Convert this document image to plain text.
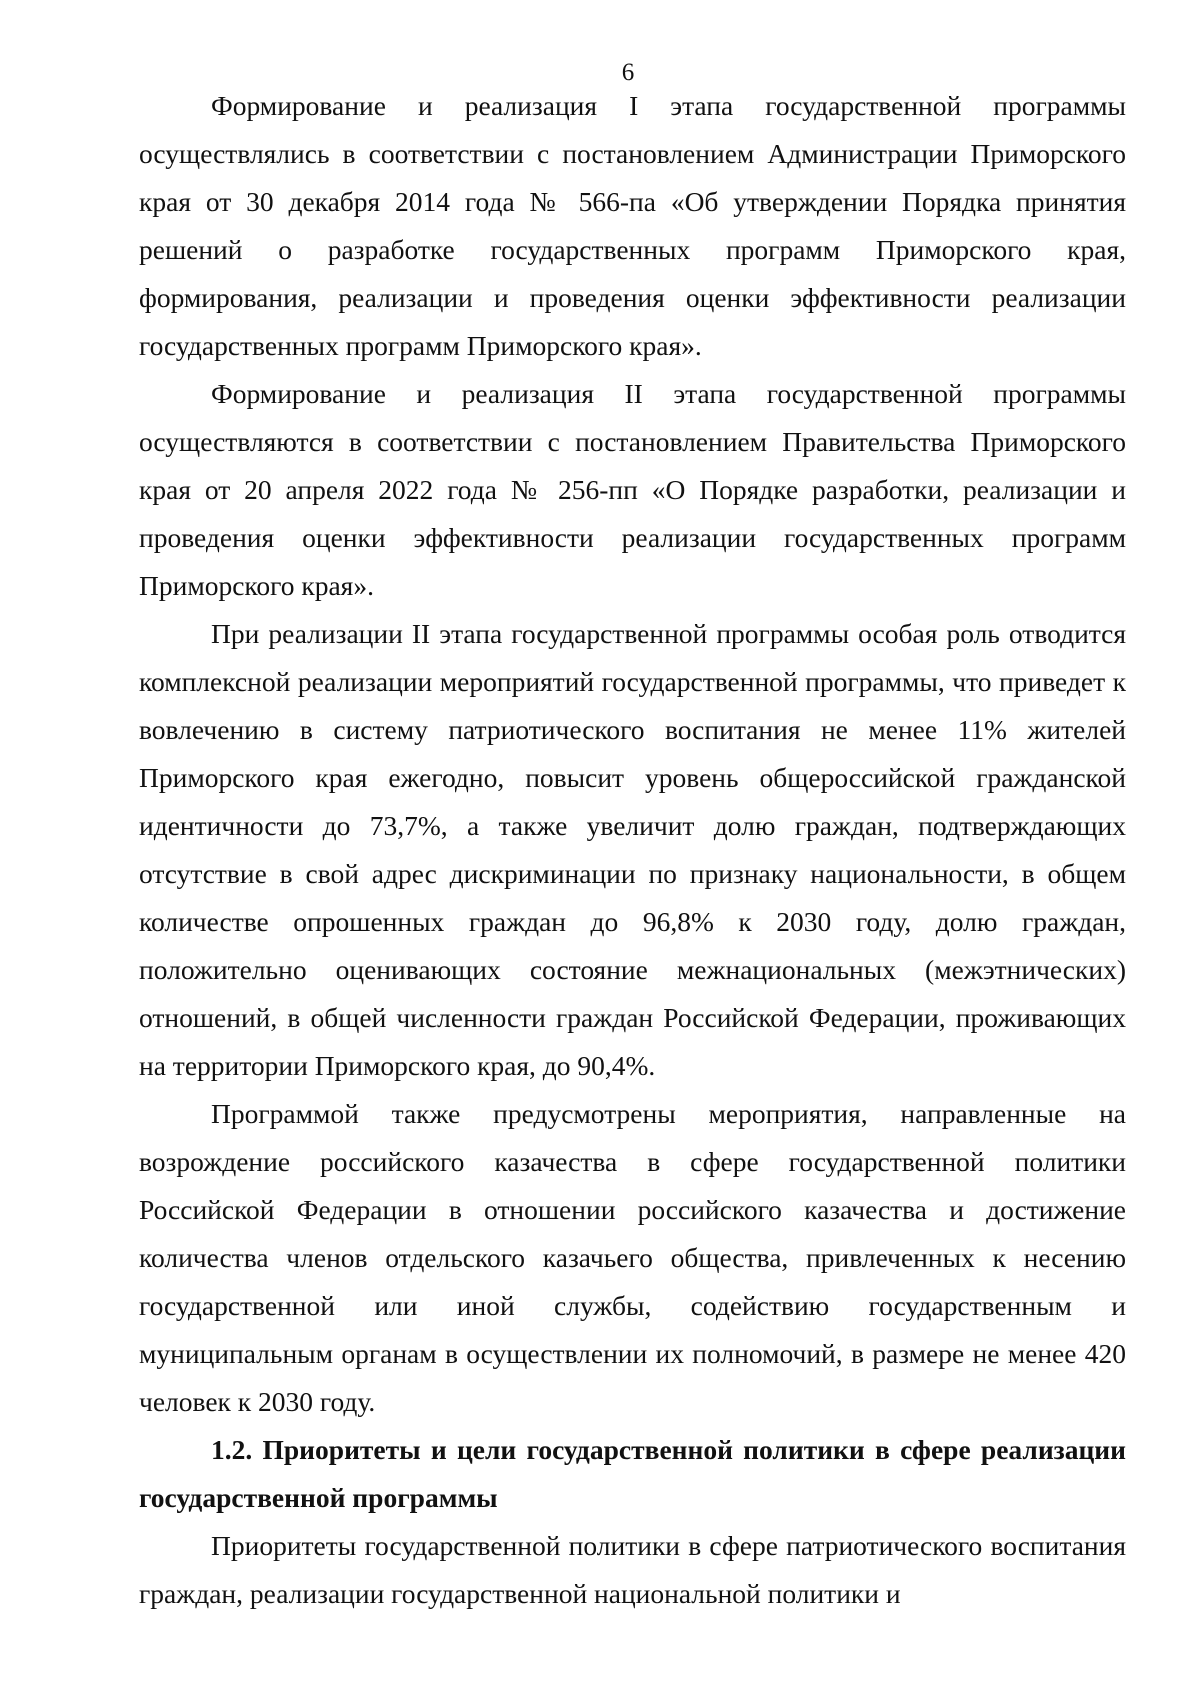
6

Формирование и реализация I этапа государственной программы осуществлялись в соответствии с постановлением Администрации Приморского края от 30 декабря 2014 года № 566-па «Об утверждении Порядка принятия решений о разработке государственных программ Приморского края, формирования, реализации и проведения оценки эффективности реализации государственных программ Приморского края».

Формирование и реализация II этапа государственной программы осуществляются в соответствии с постановлением Правительства Приморского края от 20 апреля 2022 года № 256-пп «О Порядке разработки, реализации и проведения оценки эффективности реализации государственных программ Приморского края».

При реализации II этапа государственной программы особая роль отводится комплексной реализации мероприятий государственной программы, что приведет к вовлечению в систему патриотического воспитания не менее 11% жителей Приморского края ежегодно, повысит уровень общероссийской гражданской идентичности до 73,7%, а также увеличит долю граждан, подтверждающих отсутствие в свой адрес дискриминации по признаку национальности, в общем количестве опрошенных граждан до 96,8% к 2030 году, долю граждан, положительно оценивающих состояние межнациональных (межэтнических) отношений, в общей численности граждан Российской Федерации, проживающих на территории Приморского края, до 90,4%.

Программой также предусмотрены мероприятия, направленные на возрождение российского казачества в сфере государственной политики Российской Федерации в отношении российского казачества и достижение количества членов отдельского казачьего общества, привлеченных к несению государственной или иной службы, содействию государственным и муниципальным органам в осуществлении их полномочий, в размере не менее 420 человек к 2030 году.

1.2. Приоритеты и цели государственной политики в сфере реализации государственной программы

Приоритеты государственной политики в сфере патриотического воспитания граждан, реализации государственной национальной политики и
